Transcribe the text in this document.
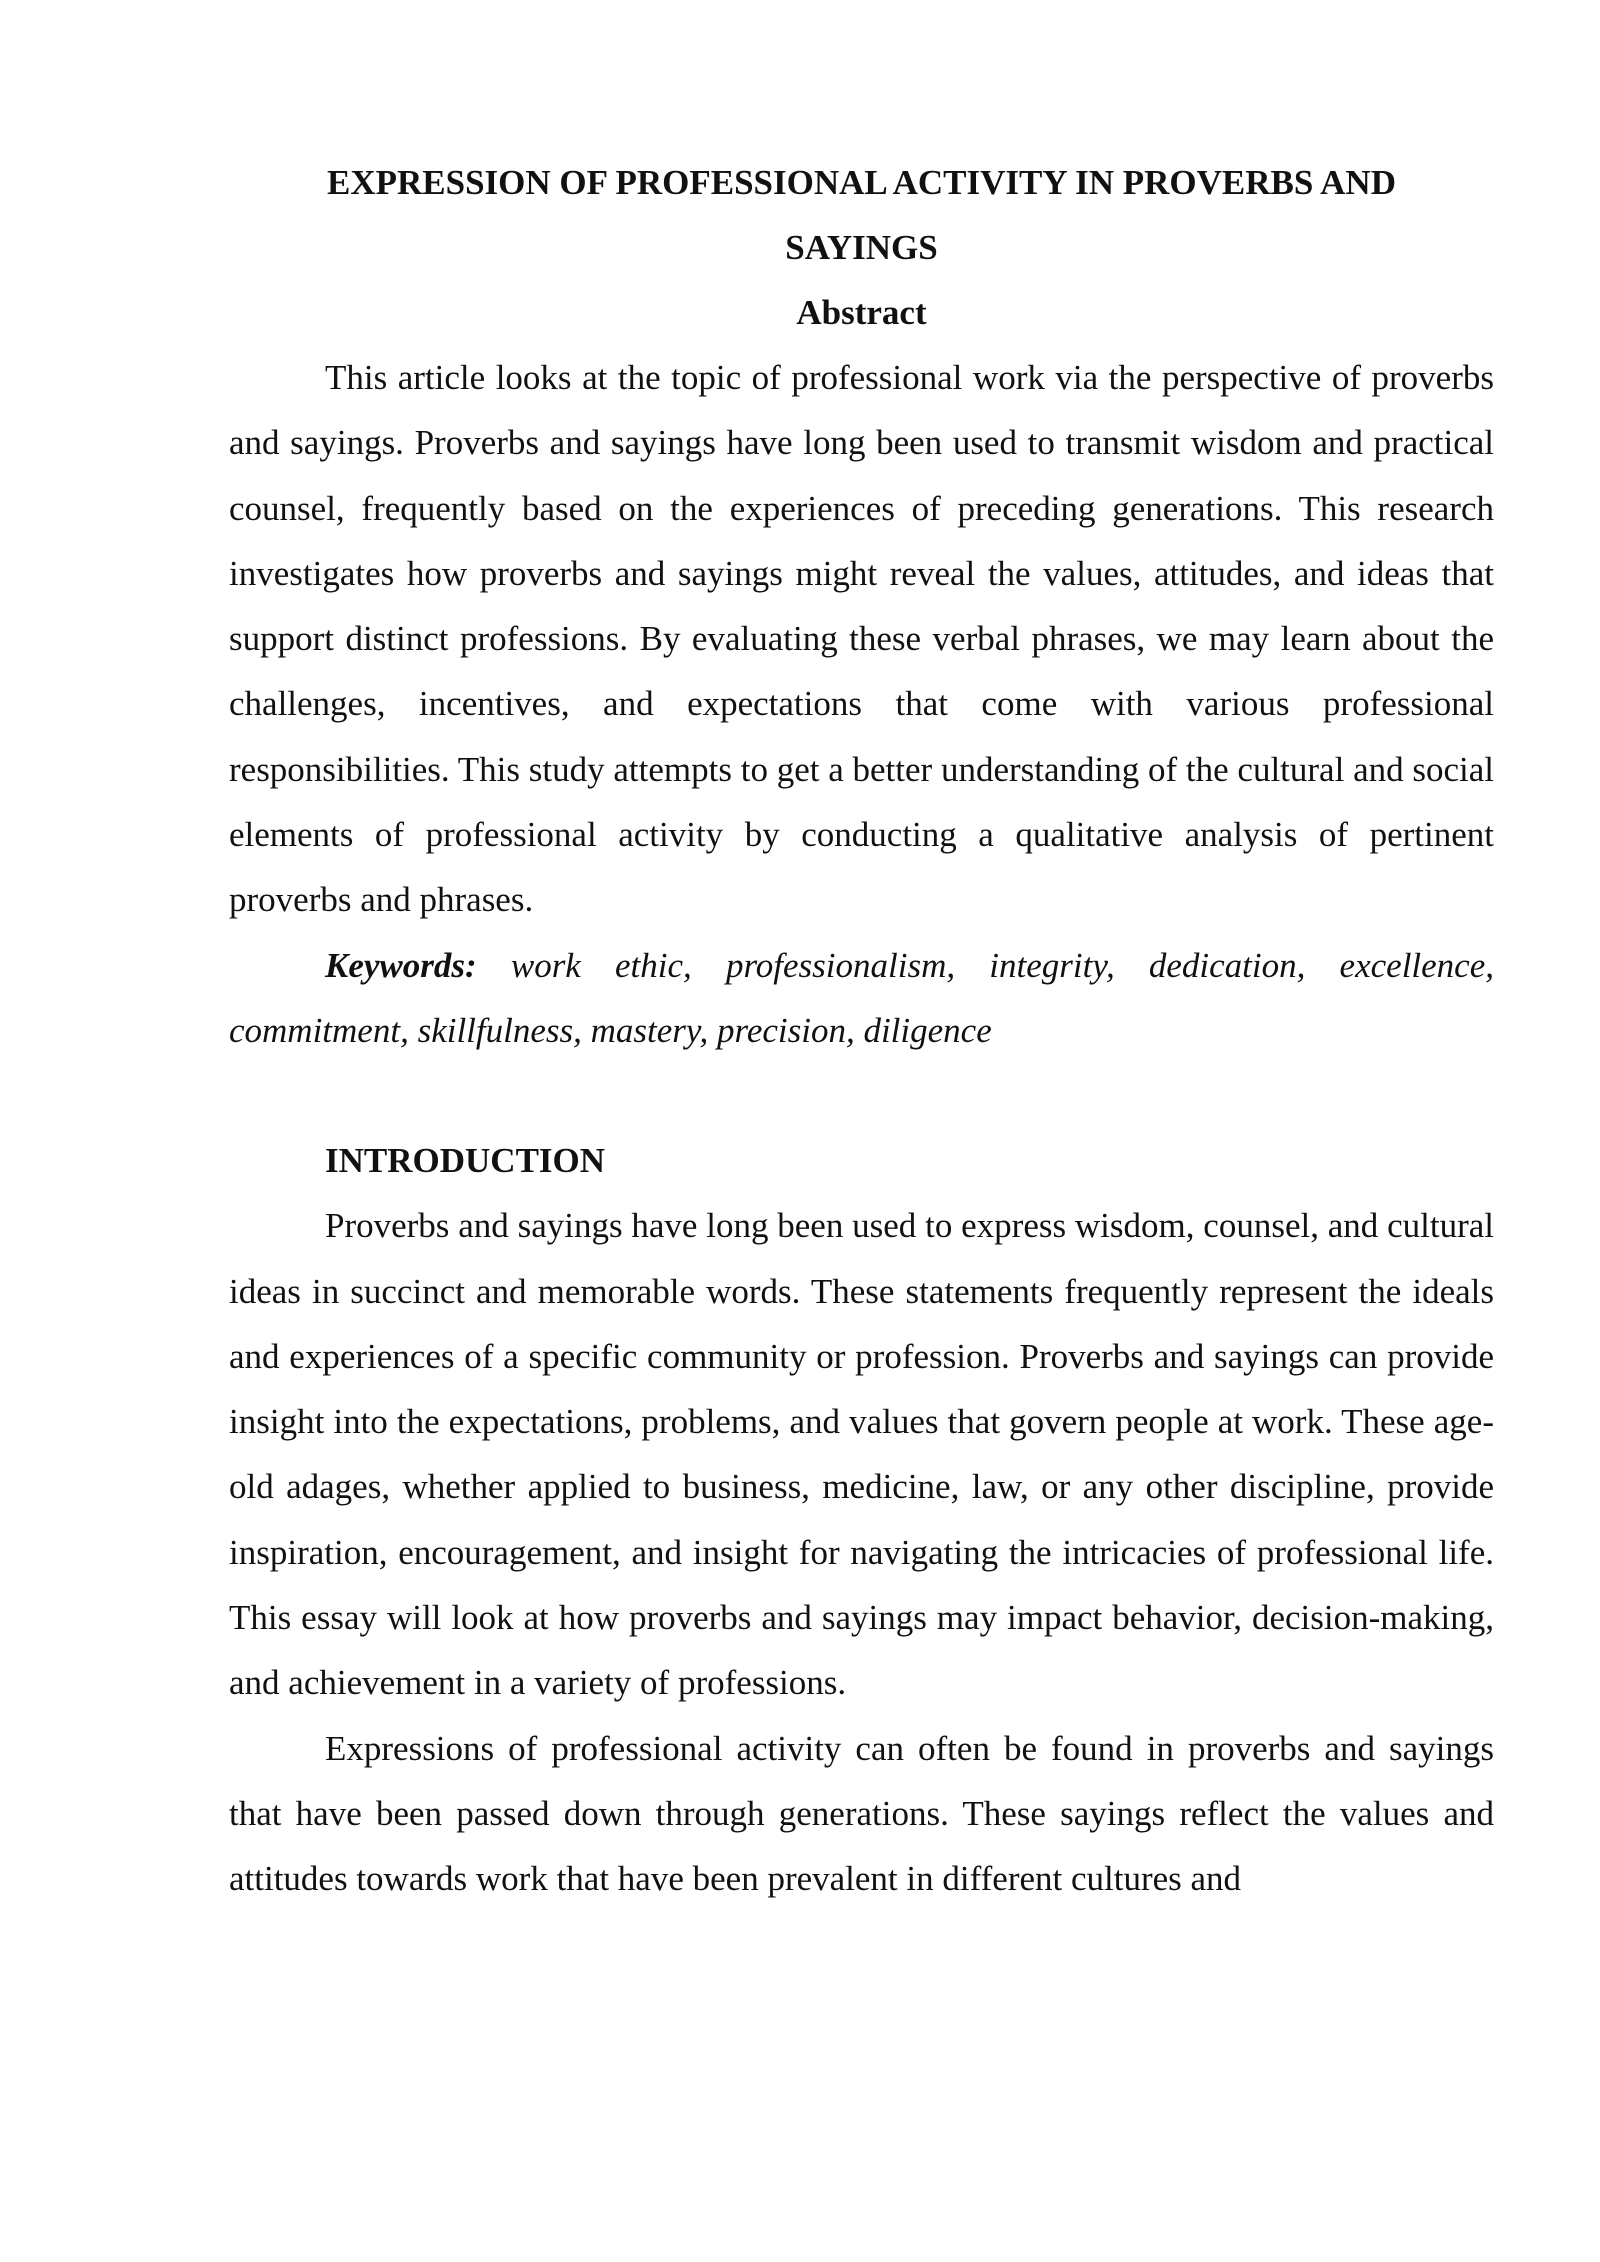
EXPRESSION OF PROFESSIONAL ACTIVITY IN PROVERBS AND SAYINGS
Abstract

This article looks at the topic of professional work via the perspective of proverbs and sayings. Proverbs and sayings have long been used to transmit wisdom and practical counsel, frequently based on the experiences of preceding generations. This research investigates how proverbs and sayings might reveal the values, attitudes, and ideas that support distinct professions. By evaluating these verbal phrases, we may learn about the challenges, incentives, and expectations that come with various professional responsibilities. This study attempts to get a better understanding of the cultural and social elements of professional activity by conducting a qualitative analysis of pertinent proverbs and phrases.

Keywords: work ethic, professionalism, integrity, dedication, excellence, commitment, skillfulness, mastery, precision, diligence

INTRODUCTION

Proverbs and sayings have long been used to express wisdom, counsel, and cultural ideas in succinct and memorable words. These statements frequently represent the ideals and experiences of a specific community or profession. Proverbs and sayings can provide insight into the expectations, problems, and values that govern people at work. These age-old adages, whether applied to business, medicine, law, or any other discipline, provide inspiration, encouragement, and insight for navigating the intricacies of professional life. This essay will look at how proverbs and sayings may impact behavior, decision-making, and achievement in a variety of professions.

Expressions of professional activity can often be found in proverbs and sayings that have been passed down through generations. These sayings reflect the values and attitudes towards work that have been prevalent in different cultures and
